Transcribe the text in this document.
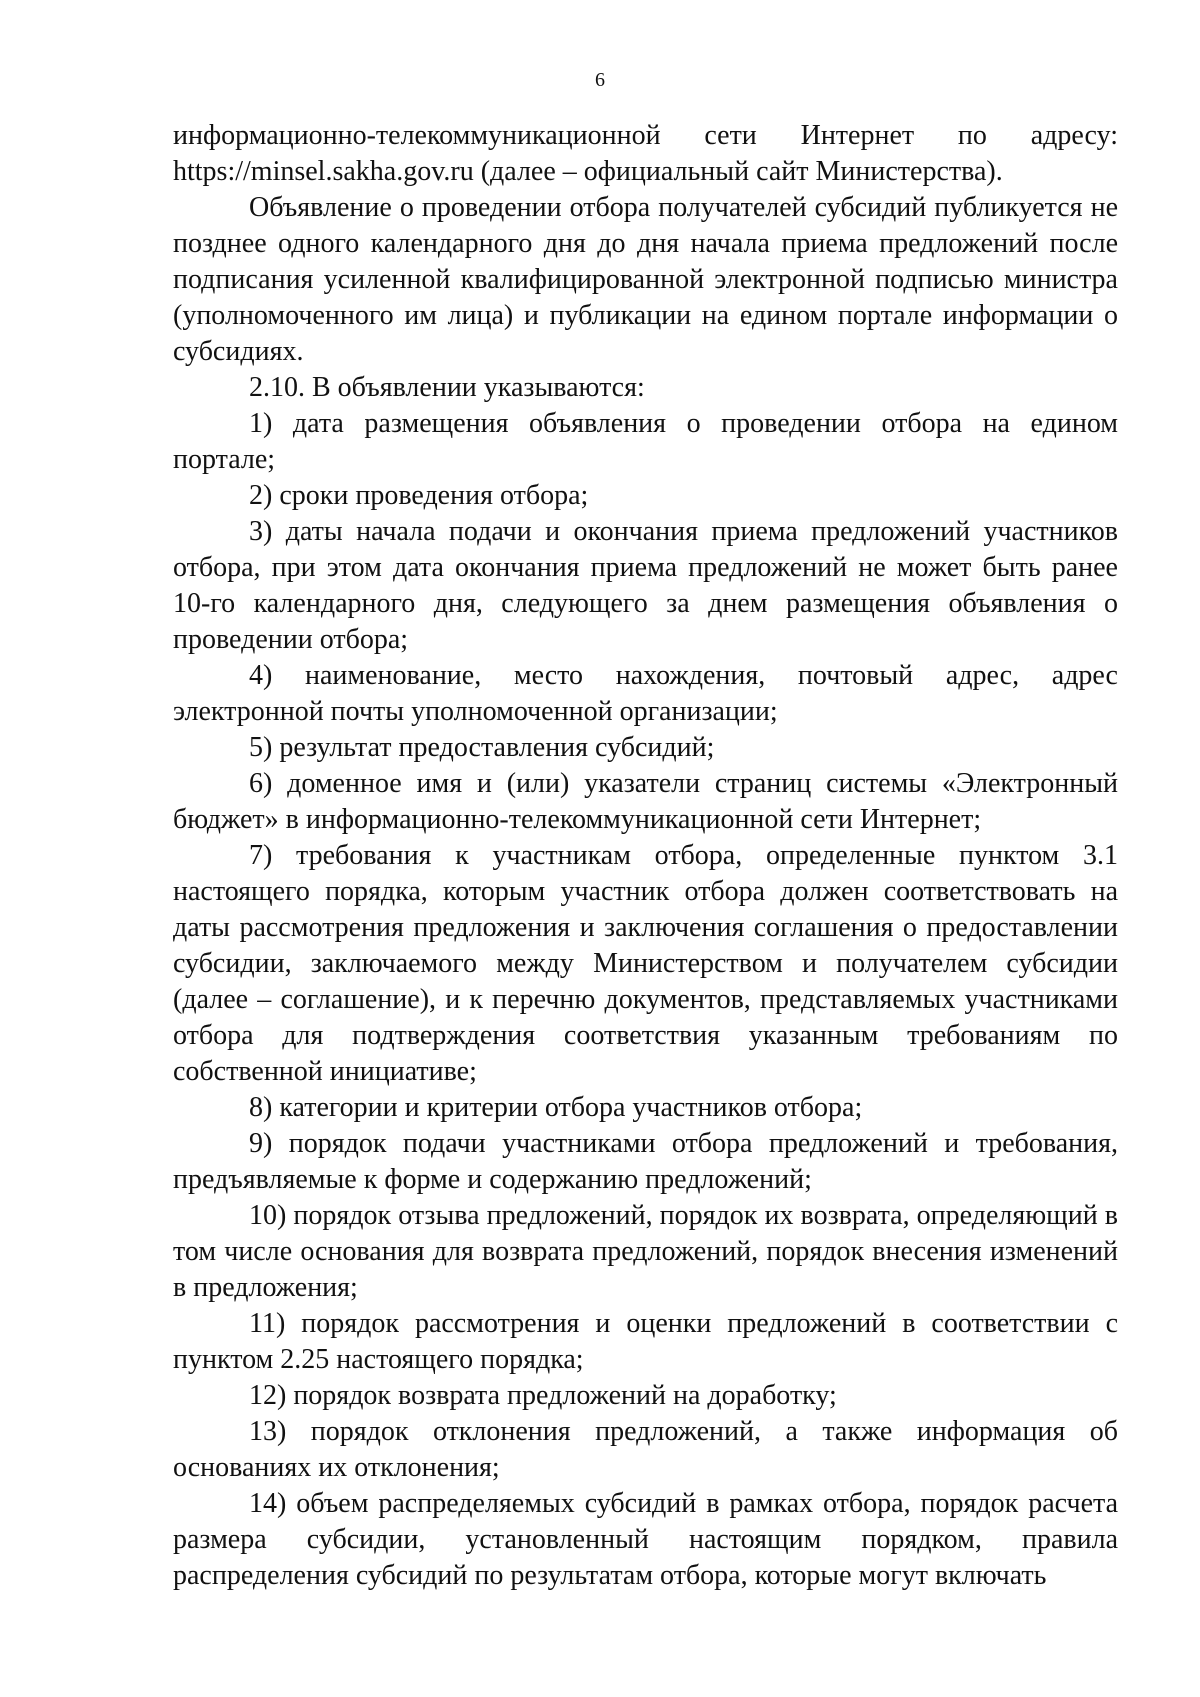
6

информационно-телекоммуникационной сети Интернет по адресу: https://minsel.sakha.gov.ru (далее – официальный сайт Министерства).

Объявление о проведении отбора получателей субсидий публикуется не позднее одного календарного дня до дня начала приема предложений после подписания усиленной квалифицированной электронной подписью министра (уполномоченного им лица) и публикации на едином портале информации о субсидиях.

2.10. В объявлении указываются:

1) дата размещения объявления о проведении отбора на едином портале;

2) сроки проведения отбора;

3) даты начала подачи и окончания приема предложений участников отбора, при этом дата окончания приема предложений не может быть ранее 10-го календарного дня, следующего за днем размещения объявления о проведении отбора;

4) наименование, место нахождения, почтовый адрес, адрес электронной почты уполномоченной организации;

5) результат предоставления субсидий;

6) доменное имя и (или) указатели страниц системы «Электронный бюджет» в информационно-телекоммуникационной сети Интернет;

7) требования к участникам отбора, определенные пунктом 3.1 настоящего порядка, которым участник отбора должен соответствовать на даты рассмотрения предложения и заключения соглашения о предоставлении субсидии, заключаемого между Министерством и получателем субсидии (далее – соглашение), и к перечню документов, представляемых участниками отбора для подтверждения соответствия указанным требованиям по собственной инициативе;

8) категории и критерии отбора участников отбора;

9) порядок подачи участниками отбора предложений и требования, предъявляемые к форме и содержанию предложений;

10) порядок отзыва предложений, порядок их возврата, определяющий в том числе основания для возврата предложений, порядок внесения изменений в предложения;

11) порядок рассмотрения и оценки предложений в соответствии с пунктом 2.25 настоящего порядка;

12) порядок возврата предложений на доработку;

13) порядок отклонения предложений, а также информация об основаниях их отклонения;

14) объем распределяемых субсидий в рамках отбора, порядок расчета размера субсидии, установленный настоящим порядком, правила распределения субсидий по результатам отбора, которые могут включать
